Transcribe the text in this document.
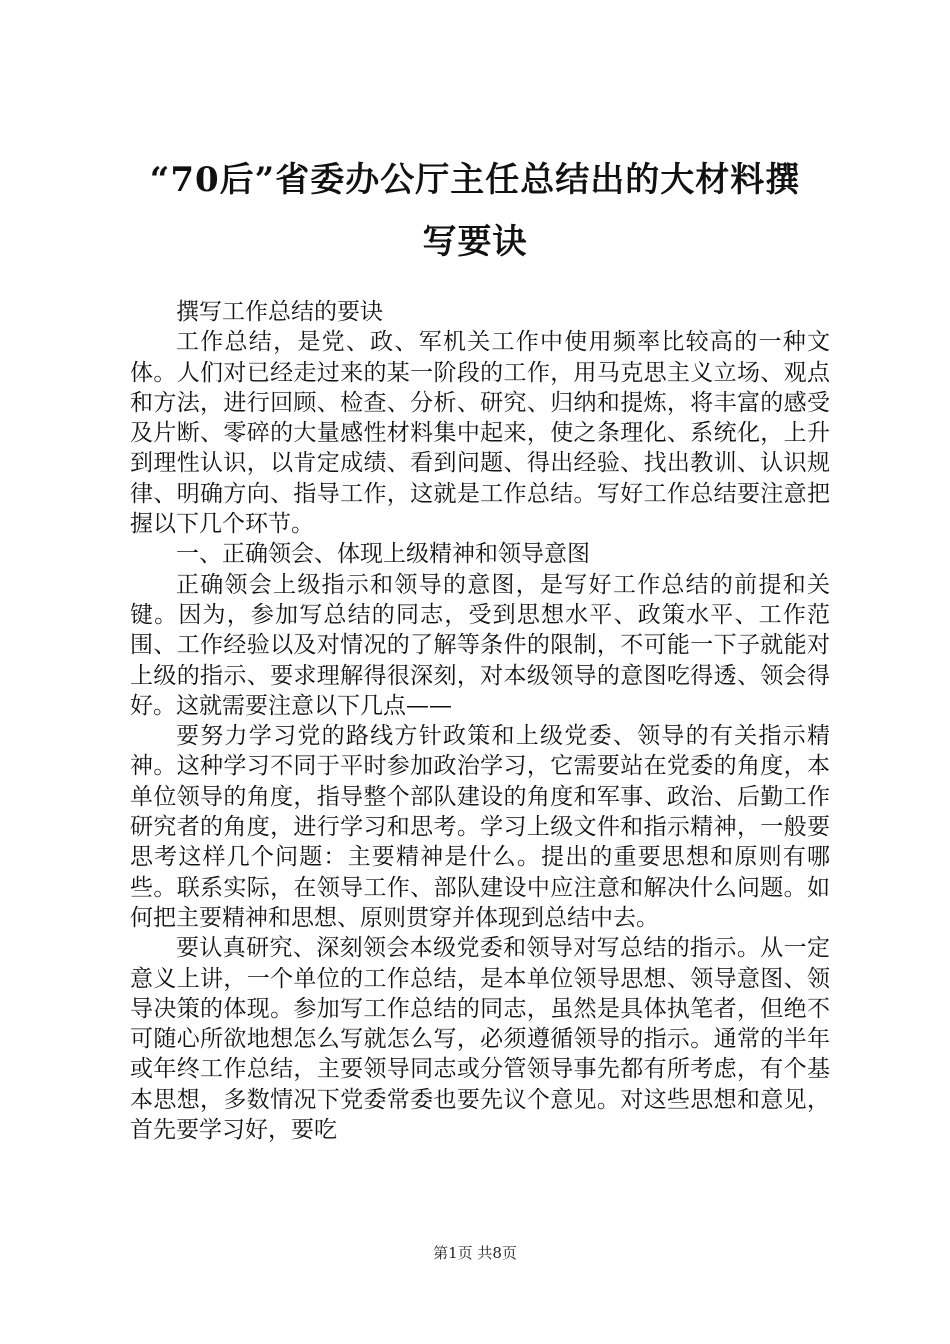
“70后”省委办公厅主任总结出的大材料撰
写要诀

撰写工作总结的要诀

工作总结，是党、政、军机关工作中使用频率比较高的一种文体。人们对已经走过来的某一阶段的工作，用马克思主义立场、观点和方法，进行回顾、检查、分析、研究、归纳和提炼，将丰富的感受及片断、零碎的大量感性材料集中起来，使之条理化、系统化，上升到理性认识，以肯定成绩、看到问题、得出经验、找出教训、认识规律、明确方向、指导工作，这就是工作总结。写好工作总结要注意把握以下几个环节。

一、正确领会、体现上级精神和领导意图

正确领会上级指示和领导的意图，是写好工作总结的前提和关键。因为，参加写总结的同志，受到思想水平、政策水平、工作范围、工作经验以及对情况的了解等条件的限制，不可能一下子就能对上级的指示、要求理解得很深刻，对本级领导的意图吃得透、领会得好。这就需要注意以下几点——

要努力学习党的路线方针政策和上级党委、领导的有关指示精神。这种学习不同于平时参加政治学习，它需要站在党委的角度，本单位领导的角度，指导整个部队建设的角度和军事、政治、后勤工作研究者的角度，进行学习和思考。学习上级文件和指示精神，一般要思考这样几个问题：主要精神是什么。提出的重要思想和原则有哪些。联系实际，在领导工作、部队建设中应注意和解决什么问题。如何把主要精神和思想、原则贯穿并体现到总结中去。

要认真研究、深刻领会本级党委和领导对写总结的指示。从一定意义上讲，一个单位的工作总结，是本单位领导思想、领导意图、领导决策的体现。参加写工作总结的同志，虽然是具体执笔者，但绝不可随心所欲地想怎么写就怎么写，必须遵循领导的指示。通常的半年或年终工作总结，主要领导同志或分管领导事先都有所考虑，有个基本思想，多数情况下党委常委也要先议个意见。对这些思想和意见，首先要学习好，要吃

第1页 共8页
